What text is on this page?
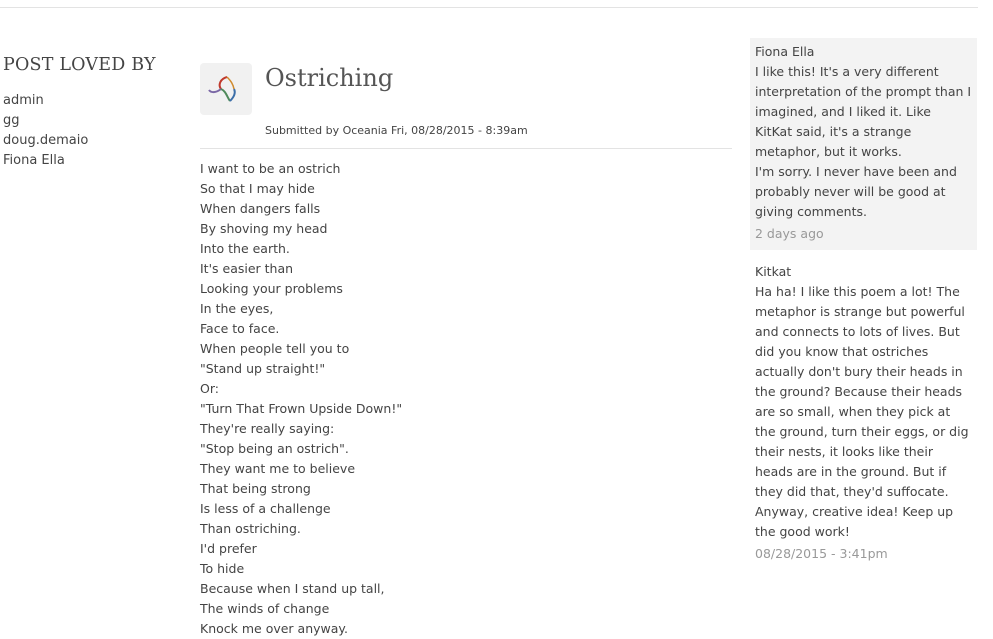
POST LOVED BY
admin
gg
doug.demaio
Fiona Ella
Ostriching
Submitted by Oceania Fri, 08/28/2015 - 8:39am
I want to be an ostrich
So that I may hide
When dangers falls
By shoving my head
Into the earth.
It's easier than
Looking your problems
In the eyes,
Face to face.
When people tell you to
"Stand up straight!"
Or:
"Turn That Frown Upside Down!"
They're really saying:
"Stop being an ostrich".
They want me to believe
That being strong
Is less of a challenge
Than ostriching.
I'd prefer
To hide
Because when I stand up tall,
The winds of change
Knock me over anyway.
Fiona Ella
I like this! It's a very different interpretation of the prompt than I imagined, and I liked it. Like KitKat said, it's a strange metaphor, but it works.
I'm sorry. I never have been and probably never will be good at giving comments.
2 days ago
Kitkat
Ha ha! I like this poem a lot! The metaphor is strange but powerful and connects to lots of lives. But did you know that ostriches actually don't bury their heads in the ground? Because their heads are so small, when they pick at the ground, turn their eggs, or dig their nests, it looks like their heads are in the ground. But if they did that, they'd suffocate. Anyway, creative idea! Keep up the good work!
08/28/2015 - 3:41pm
